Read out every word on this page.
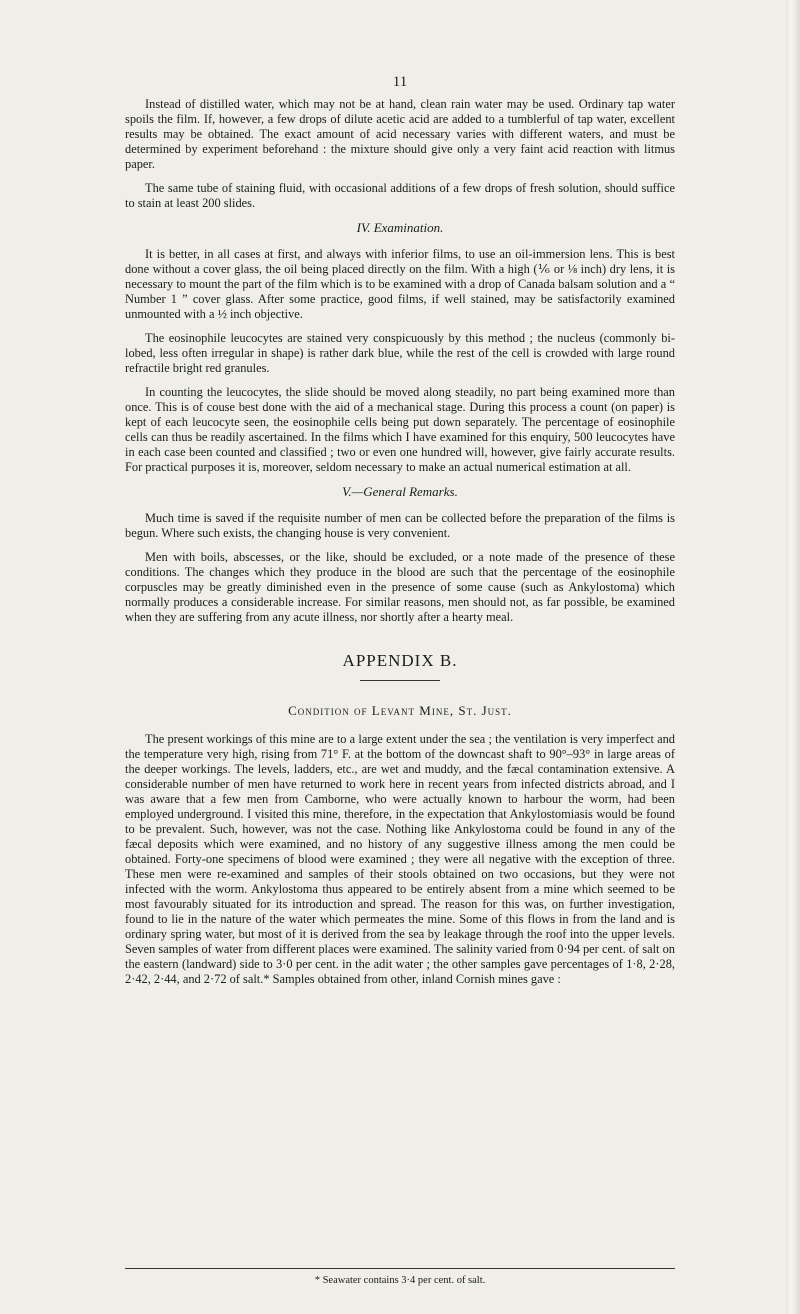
11

Instead of distilled water, which may not be at hand, clean rain water may be used. Ordinary tap water spoils the film. If, however, a few drops of dilute acetic acid are added to a tumblerful of tap water, excellent results may be obtained. The exact amount of acid necessary varies with different waters, and must be determined by experiment beforehand : the mixture should give only a very faint acid reaction with litmus paper.

The same tube of staining fluid, with occasional additions of a few drops of fresh solution, should suffice to stain at least 200 slides.

IV. Examination.

It is better, in all cases at first, and always with inferior films, to use an oil-immersion lens. This is best done without a cover glass, the oil being placed directly on the film. With a high (⅙ or ⅛ inch) dry lens, it is necessary to mount the part of the film which is to be examined with a drop of Canada balsam solution and a “ Number 1 ” cover glass. After some practice, good films, if well stained, may be satisfactorily examined unmounted with a ½ inch objective.

The eosinophile leucocytes are stained very conspicuously by this method ; the nucleus (commonly bi-lobed, less often irregular in shape) is rather dark blue, while the rest of the cell is crowded with large round refractile bright red granules.

In counting the leucocytes, the slide should be moved along steadily, no part being examined more than once. This is of couse best done with the aid of a mechanical stage. During this process a count (on paper) is kept of each leucocyte seen, the eosinophile cells being put down separately. The percentage of eosinophile cells can thus be readily ascertained. In the films which I have examined for this enquiry, 500 leucocytes have in each case been counted and classified ; two or even one hundred will, however, give fairly accurate results. For practical purposes it is, moreover, seldom necessary to make an actual numerical estimation at all.

V.—General Remarks.

Much time is saved if the requisite number of men can be collected before the preparation of the films is begun. Where such exists, the changing house is very convenient.

Men with boils, abscesses, or the like, should be excluded, or a note made of the presence of these conditions. The changes which they produce in the blood are such that the percentage of the eosinophile corpuscles may be greatly diminished even in the presence of some cause (such as Ankylostoma) which normally produces a considerable increase. For similar reasons, men should not, as far possible, be examined when they are suffering from any acute illness, nor shortly after a hearty meal.

APPENDIX B.
Condition of Levant Mine, St. Just.

The present workings of this mine are to a large extent under the sea ; the ventilation is very imperfect and the temperature very high, rising from 71° F. at the bottom of the downcast shaft to 90°–93° in large areas of the deeper workings. The levels, ladders, etc., are wet and muddy, and the fæcal contamination extensive. A considerable number of men have returned to work here in recent years from infected districts abroad, and I was aware that a few men from Camborne, who were actually known to harbour the worm, had been employed underground. I visited this mine, therefore, in the expectation that Ankylostomiasis would be found to be prevalent. Such, however, was not the case. Nothing like Ankylostoma could be found in any of the fæcal deposits which were examined, and no history of any suggestive illness among the men could be obtained. Forty-one specimens of blood were examined ; they were all negative with the exception of three. These men were re-examined and samples of their stools obtained on two occasions, but they were not infected with the worm. Ankylostoma thus appeared to be entirely absent from a mine which seemed to be most favourably situated for its introduction and spread. The reason for this was, on further investigation, found to lie in the nature of the water which permeates the mine. Some of this flows in from the land and is ordinary spring water, but most of it is derived from the sea by leakage through the roof into the upper levels. Seven samples of water from different places were examined. The salinity varied from 0·94 per cent. of salt on the eastern (landward) side to 3·0 per cent. in the adit water ; the other samples gave percentages of 1·8, 2·28, 2·42, 2·44, and 2·72 of salt.* Samples obtained from other, inland Cornish mines gave :

* Seawater contains 3·4 per cent. of salt.
